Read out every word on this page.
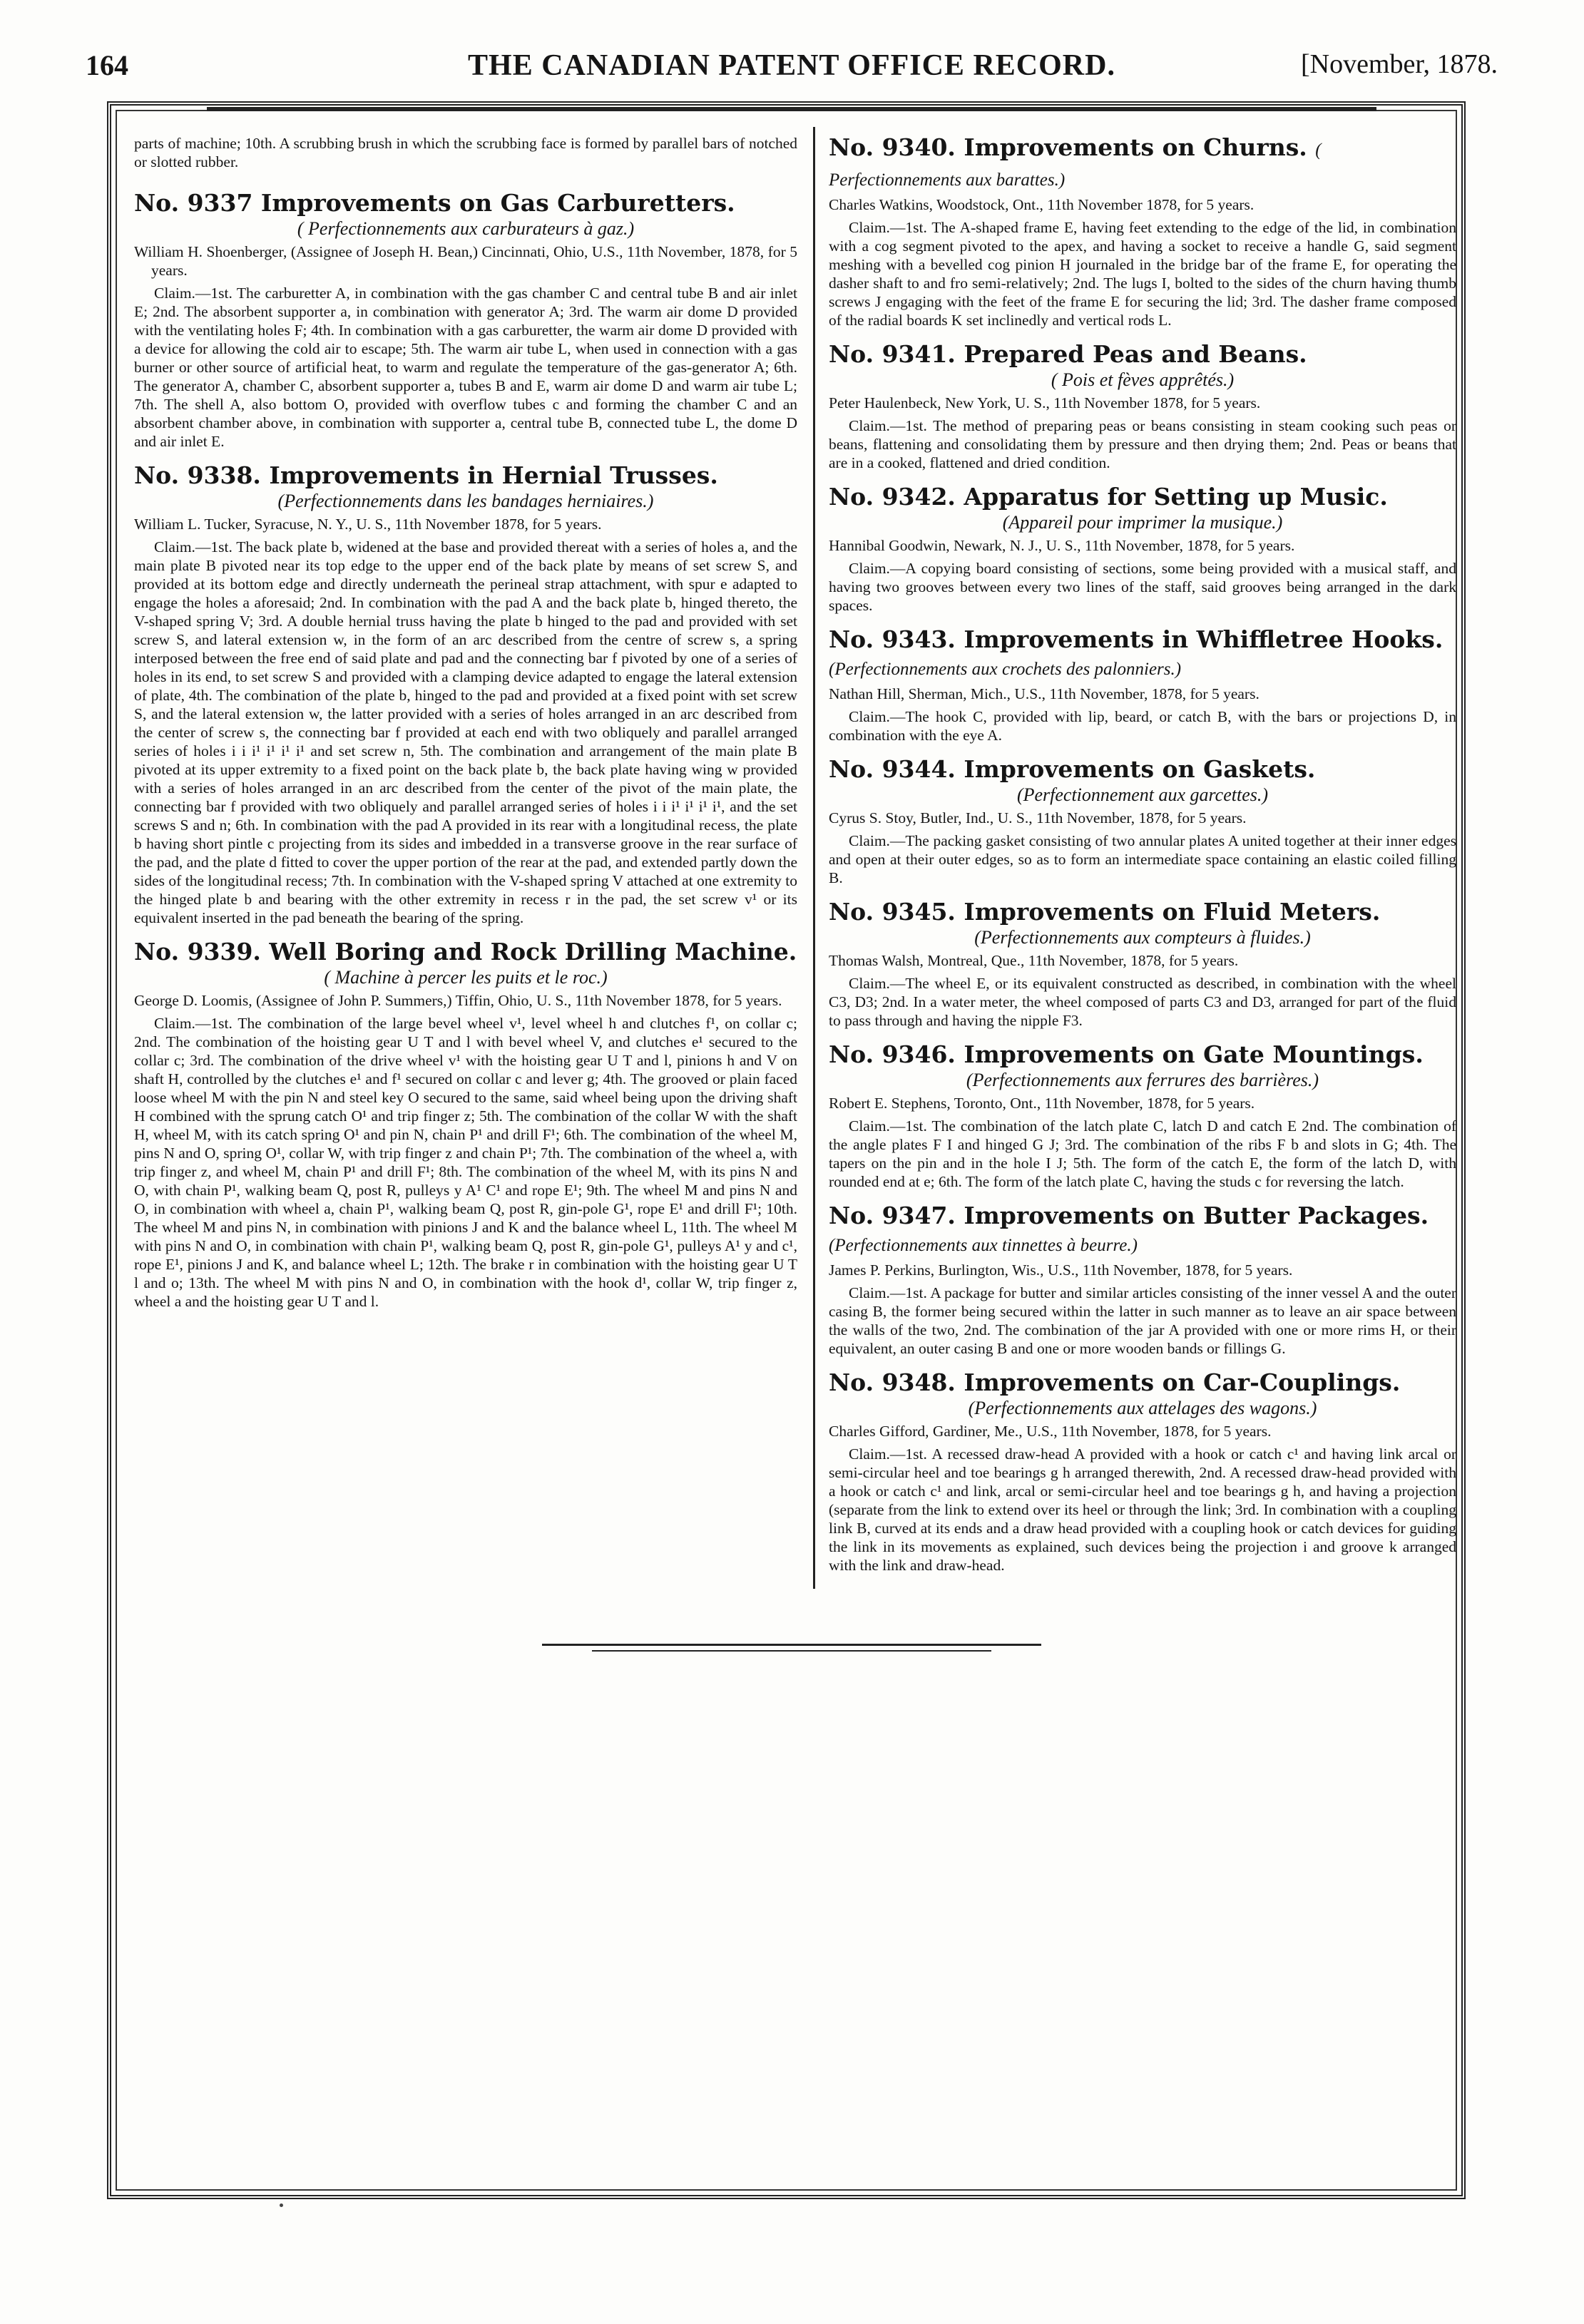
164	THE CANADIAN PATENT OFFICE RECORD.	[November, 1878.

parts of machine; 10th. A scrubbing brush in which the scrubbing face is formed by parallel bars of notched or slotted rubber.

No. 9337 Improvements on Gas Carburetters.
( Perfectionnements aux carburateurs à gaz.)
William H. Shoenberger, (Assignee of Joseph H. Bean,) Cincinnati, Ohio, U.S., 11th November, 1878, for 5 years.

Claim.—1st. The carburetter A, in combination with the gas chamber C and central tube B and air inlet E; 2nd. The absorbent supporter a, in combination with generator A; 3rd. The warm air dome D provided with the ventilating holes F; 4th. In combination with a gas carburetter, the warm air dome D provided with a device for allowing the cold air to escape; 5th. The warm air tube L, when used in connection with a gas burner or other source of artificial heat, to warm and regulate the temperature of the gas-generator A; 6th. The generator A, chamber C, absorbent supporter a, tubes B and E, warm air dome D and warm air tube L; 7th. The shell A, also bottom O, provided with overflow tubes c and forming the chamber C and an absorbent chamber above, in combination with supporter a, central tube B, connected tube L, the dome D and air inlet E.

No. 9338. Improvements in Hernial Trusses.
(Perfectionnements dans les bandages herniaires.)
William L. Tucker, Syracuse, N. Y., U. S., 11th November 1878, for 5 years.

Claim.—1st. The back plate b, widened at the base and provided thereat with a series of holes a, and the main plate B pivoted near its top edge to the upper end of the back plate by means of set screw S, and provided at its bottom edge and directly underneath the perineal strap attachment, with spur e adapted to engage the holes a aforesaid; 2nd. In combination with the pad A and the back plate b, hinged thereto, the V-shaped spring V; 3rd. A double hernial truss having the plate b hinged to the pad and provided with set screw S, and lateral extension w, in the form of an arc described from the centre of screw s, a spring interposed between the free end of said plate and pad and the connecting bar f pivoted by one of a series of holes in its end, to set screw S and provided with a clamping device adapted to engage the lateral extension of plate, 4th. The combination of the plate b, hinged to the pad and provided at a fixed point with set screw S, and the lateral extension w, the latter provided with a series of holes arranged in an arc described from the center of screw s, the connecting bar f provided at each end with two obliquely and parallel arranged series of holes i i i¹ i¹ i¹ i¹ and set screw n, 5th. The combination and arrangement of the main plate B pivoted at its upper extremity to a fixed point on the back plate b, the back plate having wing w provided with a series of holes arranged in an arc described from the center of the pivot of the main plate, the connecting bar f provided with two obliquely and parallel arranged series of holes i i i¹ i¹ i¹ i¹, and the set screws S and n; 6th. In combination with the pad A provided in its rear with a longitudinal recess, the plate b having short pintle c projecting from its sides and imbedded in a transverse groove in the rear surface of the pad, and the plate d fitted to cover the upper portion of the rear at the pad, and extended partly down the sides of the longitudinal recess; 7th. In combination with the V-shaped spring V attached at one extremity to the hinged plate b and bearing with the other extremity in recess r in the pad, the set screw v¹ or its equivalent inserted in the pad beneath the bearing of the spring.

No. 9339. Well Boring and Rock Drilling Machine.
( Machine à percer les puits et le roc.)
George D. Loomis, (Assignee of John P. Summers,) Tiffin, Ohio, U. S., 11th November 1878, for 5 years.

Claim.—1st. The combination of the large bevel wheel v¹, level wheel h and clutches f¹, on collar c; 2nd. The combination of the hoisting gear U T and l with bevel wheel V, and clutches e¹ secured to the collar c; 3rd. The combination of the drive wheel v¹ with the hoisting gear U T and l, pinions h and V on shaft H, controlled by the clutches e¹ and f¹ secured on collar c and lever g; 4th. The grooved or plain faced loose wheel M with the pin N and steel key O secured to the same, said wheel being upon the driving shaft H combined with the sprung catch O¹ and trip finger z; 5th. The combination of the collar W with the shaft H, wheel M, with its catch spring O¹ and pin N, chain P¹ and drill F¹; 6th. The combination of the wheel M, pins N and O, spring O¹, collar W, with trip finger z and chain P¹; 7th. The combination of the wheel a, with trip finger z, and wheel M, chain P¹ and drill F¹; 8th. The combination of the wheel M, with its pins N and O, with chain P¹, walking beam Q, post R, pulleys y A¹ C¹ and rope E¹; 9th. The wheel M and pins N and O, in combination with wheel a, chain P¹, walking beam Q, post R, gin-pole G¹, rope E¹ and drill F¹; 10th. The wheel M and pins N, in combination with pinions J and K and the balance wheel L, 11th. The wheel M with pins N and O, in combination with chain P¹, walking beam Q, post R, gin-pole G¹, pulleys A¹ y and c¹, rope E¹, pinions J and K, and balance wheel L; 12th. The brake r in combination with the hoisting gear U T l and o; 13th. The wheel M with pins N and O, in combination with the hook d¹, collar W, trip finger z, wheel a and the hoisting gear U T and l.

No. 9340. Improvements on Churns. ( Perfectionnements aux barattes.)
Charles Watkins, Woodstock, Ont., 11th November 1878, for 5 years.

Claim.—1st. The A-shaped frame E, having feet extending to the edge of the lid, in combination with a cog segment pivoted to the apex, and having a socket to receive a handle G, said segment meshing with a bevelled cog pinion H journaled in the bridge bar of the frame E, for operating the dasher shaft to and fro semi-relatively; 2nd. The lugs I, bolted to the sides of the churn having thumb screws J engaging with the feet of the frame E for securing the lid; 3rd. The dasher frame composed of the radial boards K set inclinedly and vertical rods L.

No. 9341. Prepared Peas and Beans.
( Pois et fèves apprêtés.)
Peter Haulenbeck, New York, U. S., 11th November 1878, for 5 years.

Claim.—1st. The method of preparing peas or beans consisting in steam cooking such peas or beans, flattening and consolidating them by pressure and then drying them; 2nd. Peas or beans that are in a cooked, flattened and dried condition.

No. 9342. Apparatus for Setting up Music.
(Appareil pour imprimer la musique.)
Hannibal Goodwin, Newark, N. J., U. S., 11th November, 1878, for 5 years.

Claim.—A copying board consisting of sections, some being provided with a musical staff, and having two grooves between every two lines of the staff, said grooves being arranged in the dark spaces.

No. 9343. Improvements in Whiffletree Hooks. (Perfectionnements aux crochets des palonniers.)
Nathan Hill, Sherman, Mich., U.S., 11th November, 1878, for 5 years.

Claim.—The hook C, provided with lip, beard, or catch B, with the bars or projections D, in combination with the eye A.

No. 9344. Improvements on Gaskets.
(Perfectionnement aux garcettes.)
Cyrus S. Stoy, Butler, Ind., U. S., 11th November, 1878, for 5 years.

Claim.—The packing gasket consisting of two annular plates A united together at their inner edges and open at their outer edges, so as to form an intermediate space containing an elastic coiled filling B.

No. 9345. Improvements on Fluid Meters.
(Perfectionnements aux compteurs à fluides.)
Thomas Walsh, Montreal, Que., 11th November, 1878, for 5 years.

Claim.—The wheel E, or its equivalent constructed as described, in combination with the wheel C3, D3; 2nd. In a water meter, the wheel composed of parts C3 and D3, arranged for part of the fluid to pass through and having the nipple F3.

No. 9346. Improvements on Gate Mountings.
(Perfectionnements aux ferrures des barrières.)
Robert E. Stephens, Toronto, Ont., 11th November, 1878, for 5 years.

Claim.—1st. The combination of the latch plate C, latch D and catch E 2nd. The combination of the angle plates F I and hinged G J; 3rd. The combination of the ribs F b and slots in G; 4th. The tapers on the pin and in the hole I J; 5th. The form of the catch E, the form of the latch D, with rounded end at e; 6th. The form of the latch plate C, having the studs c for reversing the latch.

No. 9347. Improvements on Butter Packages. (Perfectionnements aux tinnettes à beurre.)
James P. Perkins, Burlington, Wis., U.S., 11th November, 1878, for 5 years.

Claim.—1st. A package for butter and similar articles consisting of the inner vessel A and the outer casing B, the former being secured within the latter in such manner as to leave an air space between the walls of the two, 2nd. The combination of the jar A provided with one or more rims H, or their equivalent, an outer casing B and one or more wooden bands or fillings G.

No. 9348. Improvements on Car-Couplings.
(Perfectionnements aux attelages des wagons.)
Charles Gifford, Gardiner, Me., U.S., 11th November, 1878, for 5 years.

Claim.—1st. A recessed draw-head A provided with a hook or catch c¹ and having link arcal or semi-circular heel and toe bearings g h arranged therewith, 2nd. A recessed draw-head provided with a hook or catch c¹ and link, arcal or semi-circular heel and toe bearings g h, and having a projection (separate from the link to extend over its heel or through the link; 3rd. In combination with a coupling link B, curved at its ends and a draw head provided with a coupling hook or catch devices for guiding the link in its movements as explained, such devices being the projection i and groove k arranged with the link and draw-head.
